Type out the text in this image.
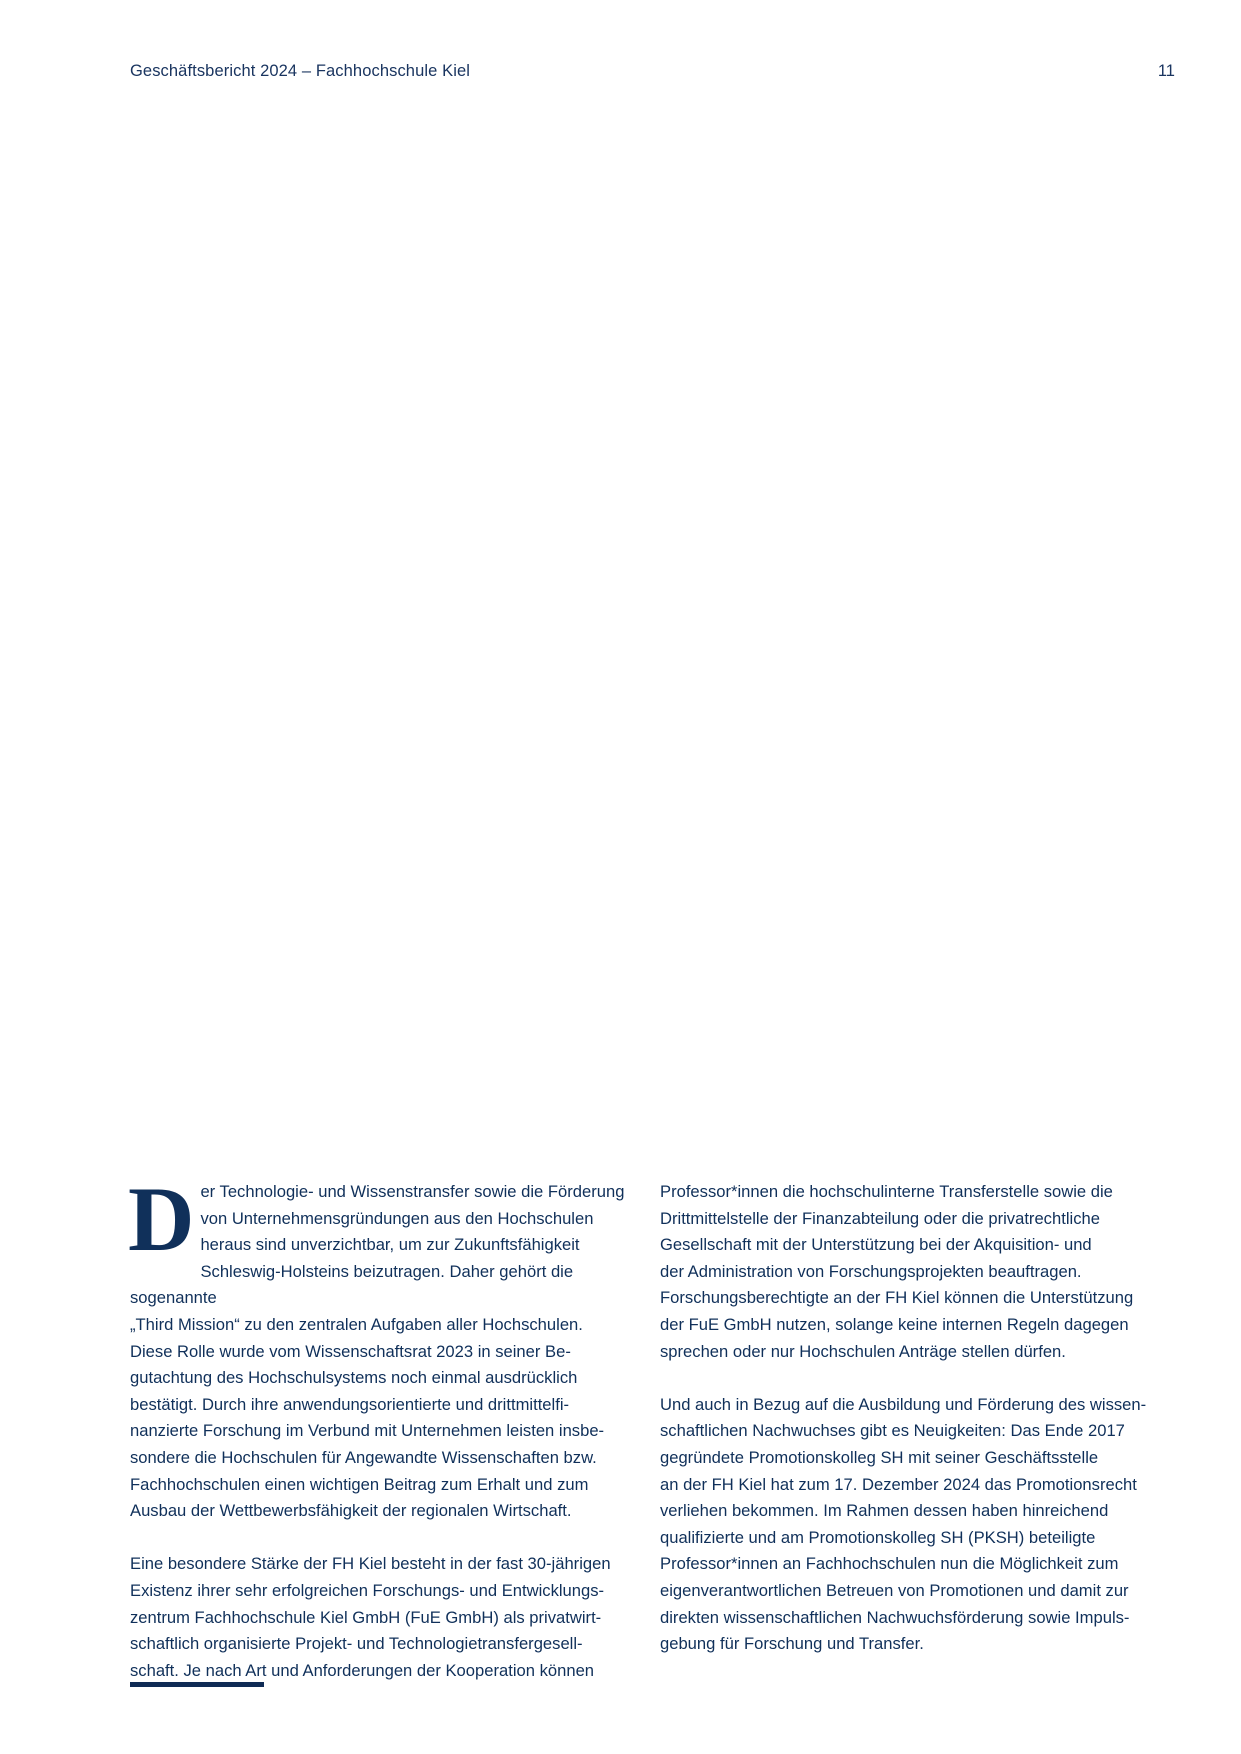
Geschäftsbericht 2024 – Fachhochschule Kiel	11

Der Technologie- und Wissenstransfer sowie die Förderung
von Unternehmensgründungen aus den Hochschulen
heraus sind unverzichtbar, um zur Zukunftsfähigkeit
Schleswig-Holsteins beizutragen. Daher gehört die sogenannte
„Third Mission“ zu den zentralen Aufgaben aller Hochschulen.
Diese Rolle wurde vom Wissenschaftsrat 2023 in seiner Be-
gutachtung des Hochschulsystems noch einmal ausdrücklich
bestätigt. Durch ihre anwendungsorientierte und drittmittelfi-
nanzierte Forschung im Verbund mit Unternehmen leisten insbe-
sondere die Hochschulen für Angewandte Wissenschaften bzw.
Fachhochschulen einen wichtigen Beitrag zum Erhalt und zum
Ausbau der Wettbewerbsfähigkeit der regionalen Wirtschaft.

Eine besondere Stärke der FH Kiel besteht in der fast 30-jährigen
Existenz ihrer sehr erfolgreichen Forschungs- und Entwicklungs-
zentrum Fachhochschule Kiel GmbH (FuE GmbH) als privatwirt-
schaftlich organisierte Projekt- und Technologietransfergesell-
schaft. Je nach Art und Anforderungen der Kooperation können

Professor*innen die hochschulinterne Transferstelle sowie die
Drittmittelstelle der Finanzabteilung oder die privatrechtliche
Gesellschaft mit der Unterstützung bei der Akquisition- und
der Administration von Forschungsprojekten beauftragen.
Forschungsberechtigte an der FH Kiel können die Unterstützung
der FuE GmbH nutzen, solange keine internen Regeln dagegen
sprechen oder nur Hochschulen Anträge stellen dürfen.

Und auch in Bezug auf die Ausbildung und Förderung des wissen-
schaftlichen Nachwuchses gibt es Neuigkeiten: Das Ende 2017
gegründete Promotionskolleg SH mit seiner Geschäftsstelle
an der FH Kiel hat zum 17. Dezember 2024 das Promotionsrecht
verliehen bekommen. Im Rahmen dessen haben hinreichend
qualifizierte und am Promotionskolleg SH (PKSH) beteiligte
Professor*innen an Fachhochschulen nun die Möglichkeit zum
eigenverantwortlichen Betreuen von Promotionen und damit zur
direkten wissenschaftlichen Nachwuchsförderung sowie Impuls-
gebung für Forschung und Transfer.
